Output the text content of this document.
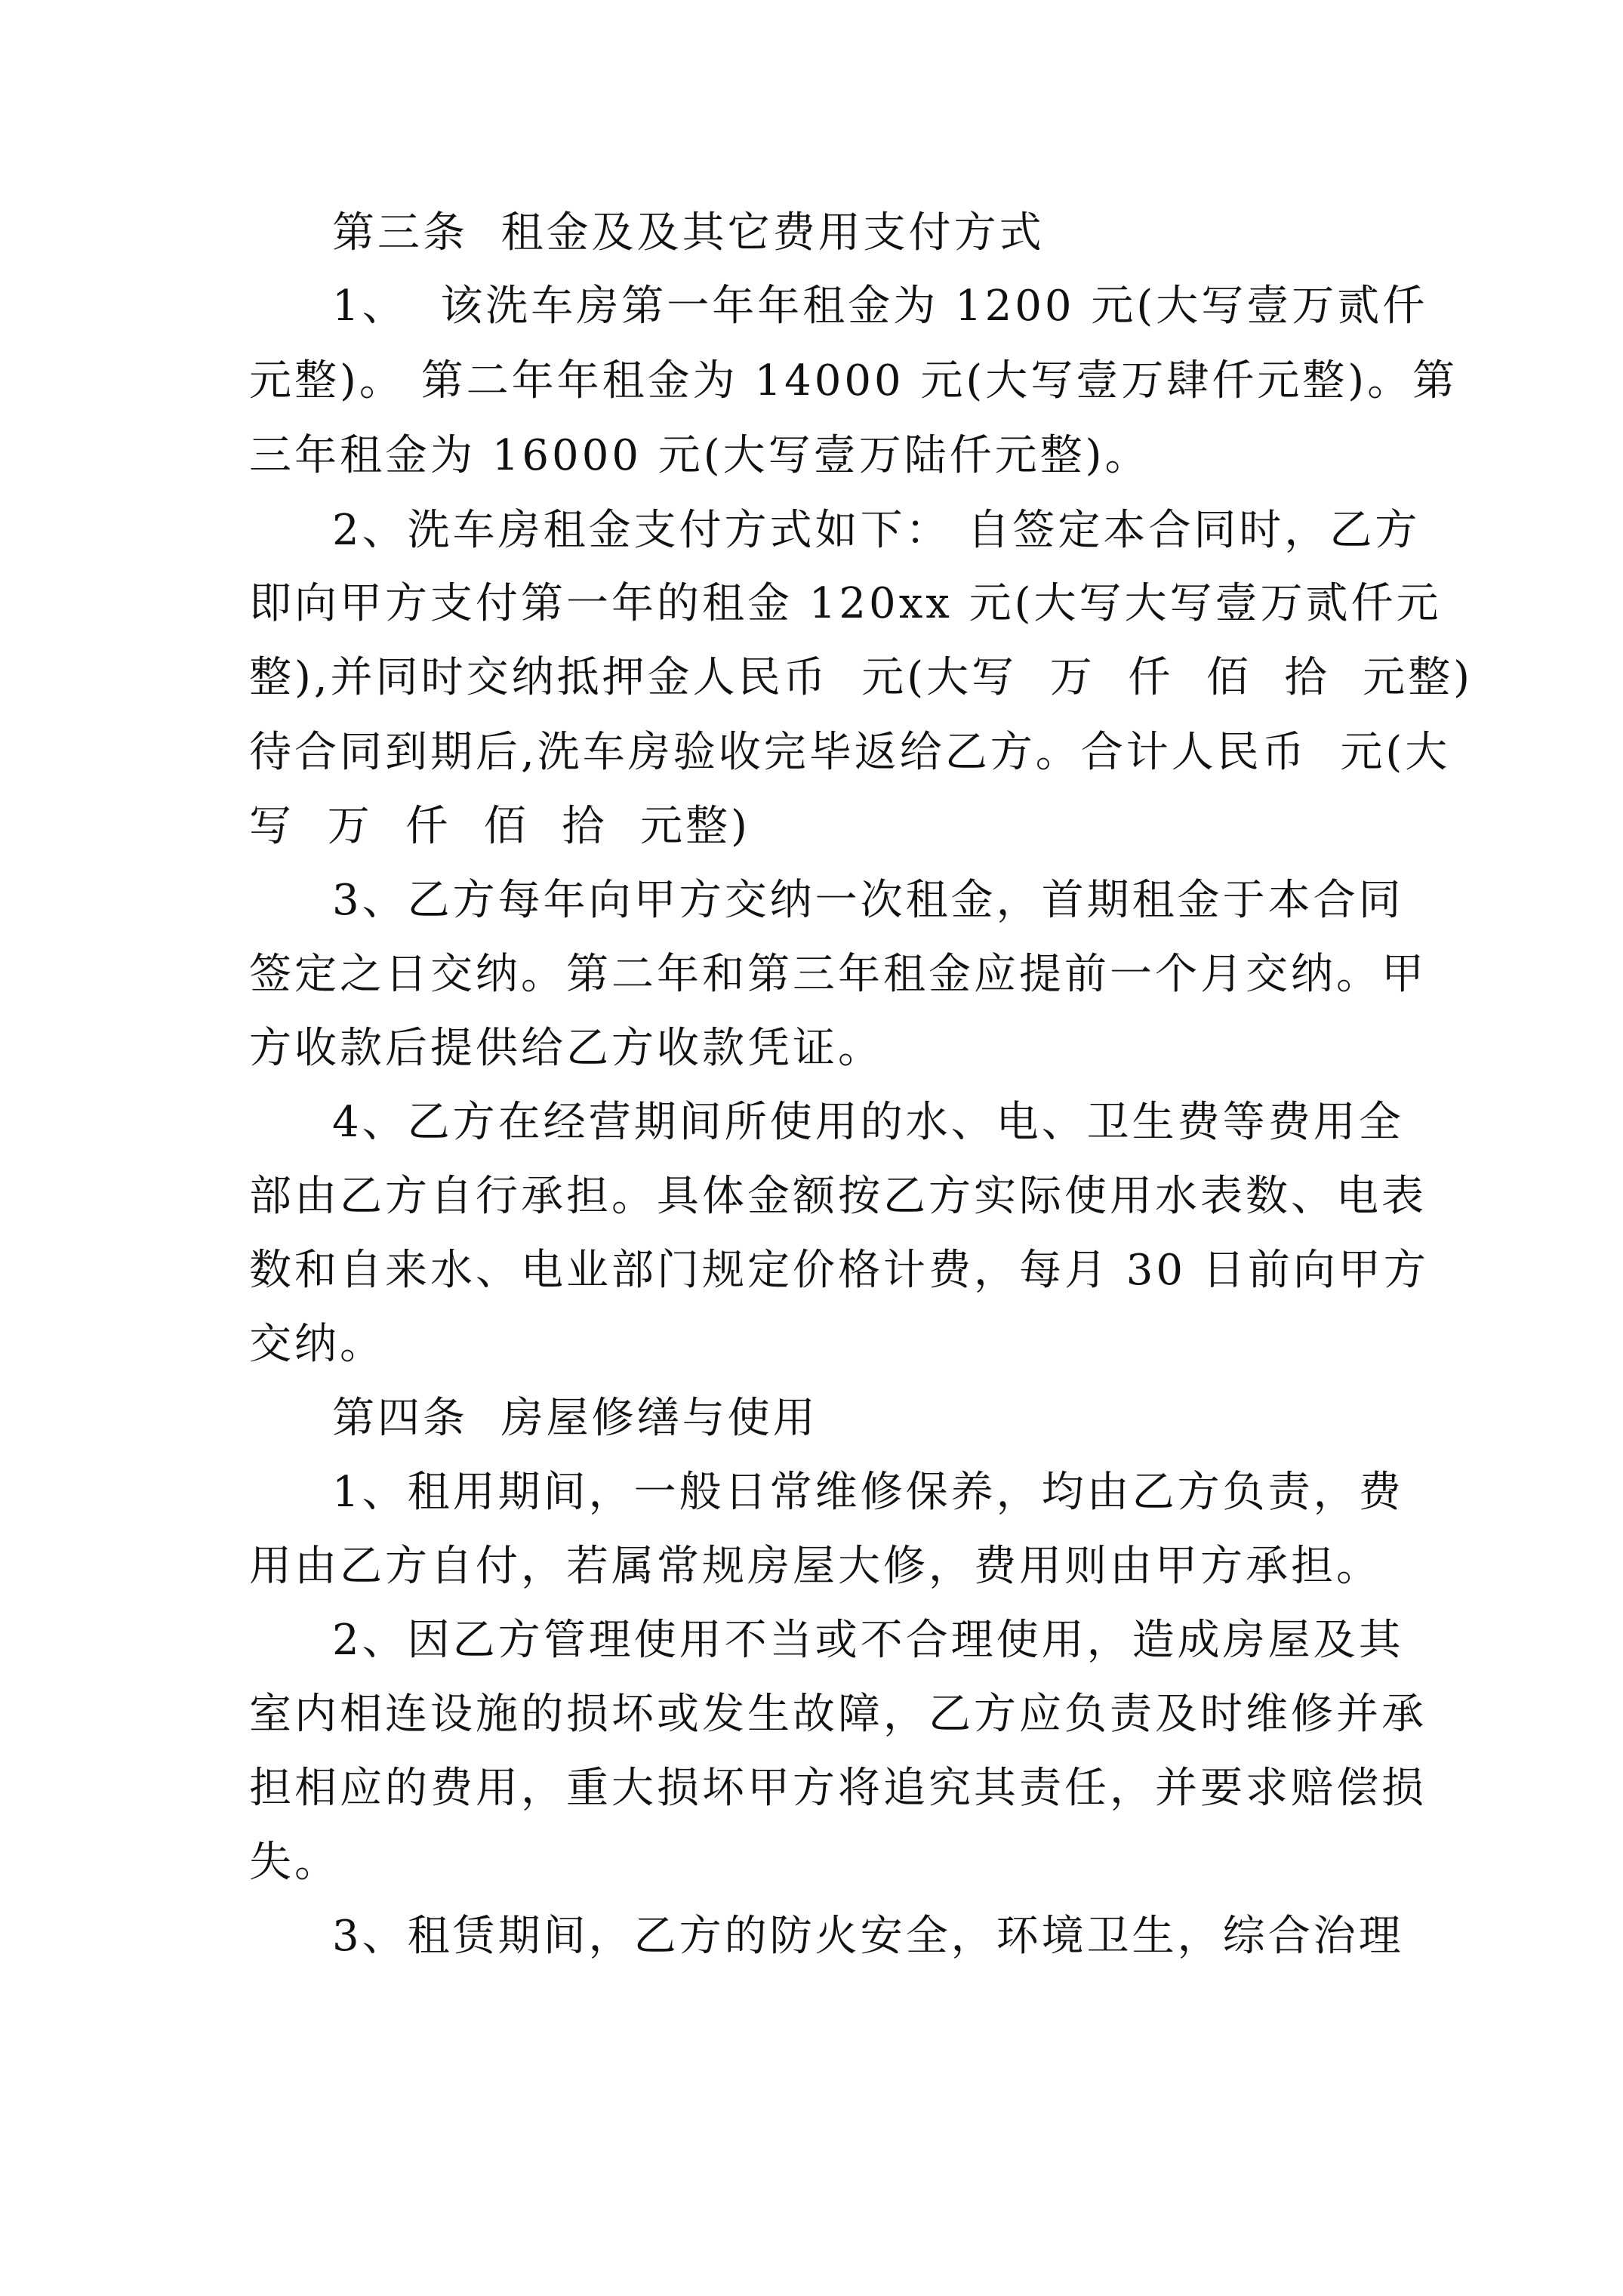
第三条  租金及及其它费用支付方式
1、  该洗车房第一年年租金为 1200 元(大写壹万贰仟
元整)。 第二年年租金为 14000 元(大写壹万肆仟元整)。第
三年租金为 16000 元(大写壹万陆仟元整)。
2、洗车房租金支付方式如下： 自签定本合同时，乙方
即向甲方支付第一年的租金 120xx 元(大写大写壹万贰仟元
整),并同时交纳抵押金人民币  元(大写  万  仟  佰  拾  元整)
待合同到期后,洗车房验收完毕返给乙方。合计人民币  元(大
写  万  仟  佰  拾  元整)
3、乙方每年向甲方交纳一次租金，首期租金于本合同
签定之日交纳。第二年和第三年租金应提前一个月交纳。甲
方收款后提供给乙方收款凭证。
4、乙方在经营期间所使用的水、电、卫生费等费用全
部由乙方自行承担。具体金额按乙方实际使用水表数、电表
数和自来水、电业部门规定价格计费，每月 30 日前向甲方
交纳。
第四条  房屋修缮与使用
1、租用期间，一般日常维修保养，均由乙方负责，费
用由乙方自付，若属常规房屋大修，费用则由甲方承担。
2、因乙方管理使用不当或不合理使用，造成房屋及其
室内相连设施的损坏或发生故障，乙方应负责及时维修并承
担相应的费用，重大损坏甲方将追究其责任，并要求赔偿损
失。
3、租赁期间，乙方的防火安全，环境卫生，综合治理
